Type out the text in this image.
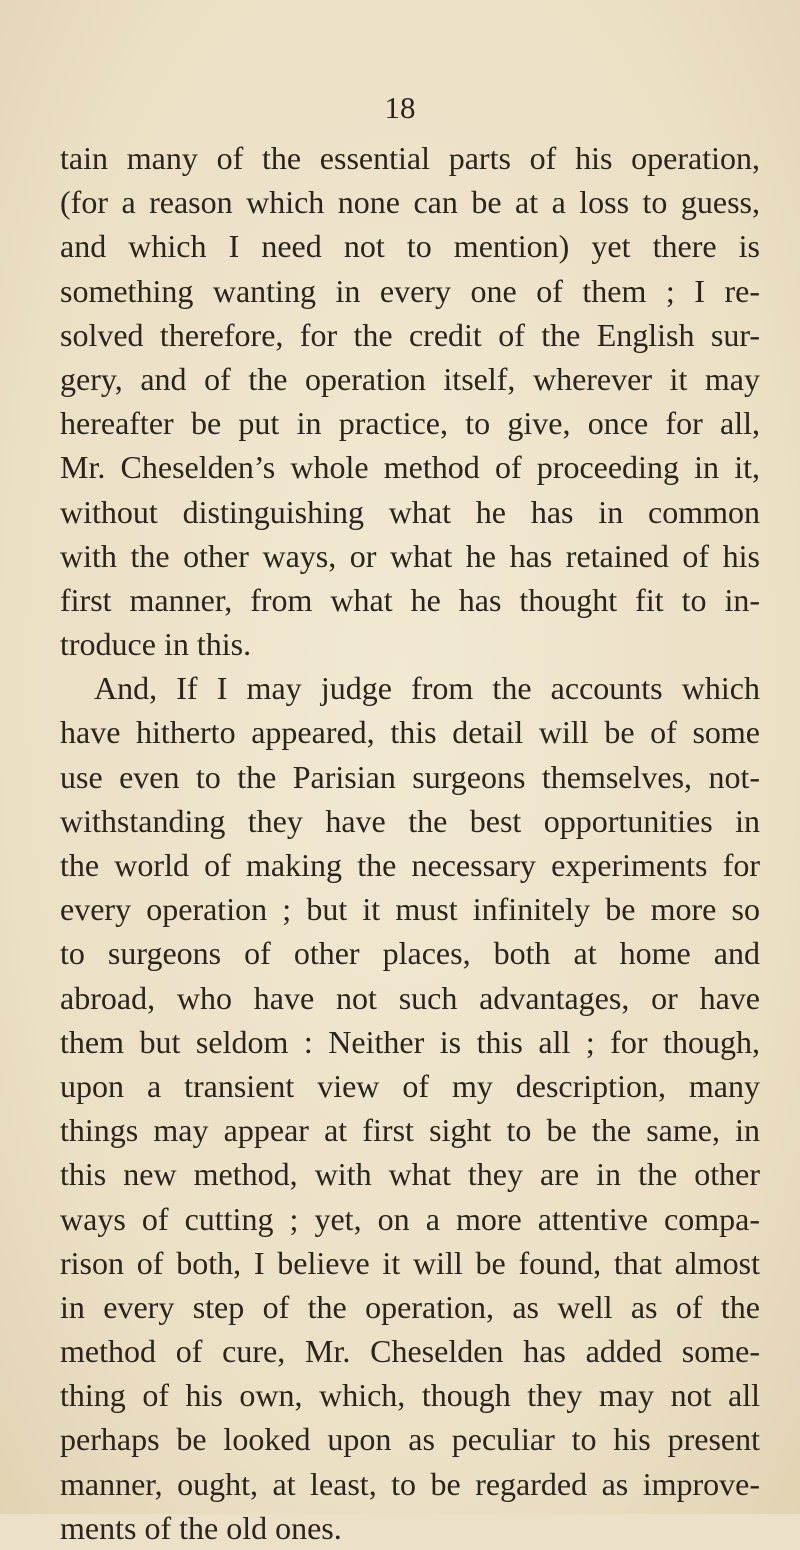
18
tain many of the essential parts of his operation,
(for a reason which none can be at a loss to guess,
and which I need not to mention) yet there is
something wanting in every one of them ; I re-
solved therefore, for the credit of the English sur-
gery, and of the operation itself, wherever it may
hereafter be put in practice, to give, once for all,
Mr. Cheselden’s whole method of proceeding in it,
without distinguishing what he has in common
with the other ways, or what he has retained of his
first manner, from what he has thought fit to in-
troduce in this.
And, If I may judge from the accounts which
have hitherto appeared, this detail will be of some
use even to the Parisian surgeons themselves, not-
withstanding they have the best opportunities in
the world of making the necessary experiments for
every operation ; but it must infinitely be more so
to surgeons of other places, both at home and
abroad, who have not such advantages, or have
them but seldom : Neither is this all ; for though,
upon a transient view of my description, many
things may appear at first sight to be the same, in
this new method, with what they are in the other
ways of cutting ; yet, on a more attentive compa-
rison of both, I believe it will be found, that almost
in every step of the operation, as well as of the
method of cure, Mr. Cheselden has added some-
thing of his own, which, though they may not all
perhaps be looked upon as peculiar to his present
manner, ought, at least, to be regarded as improve-
ments of the old ones.
